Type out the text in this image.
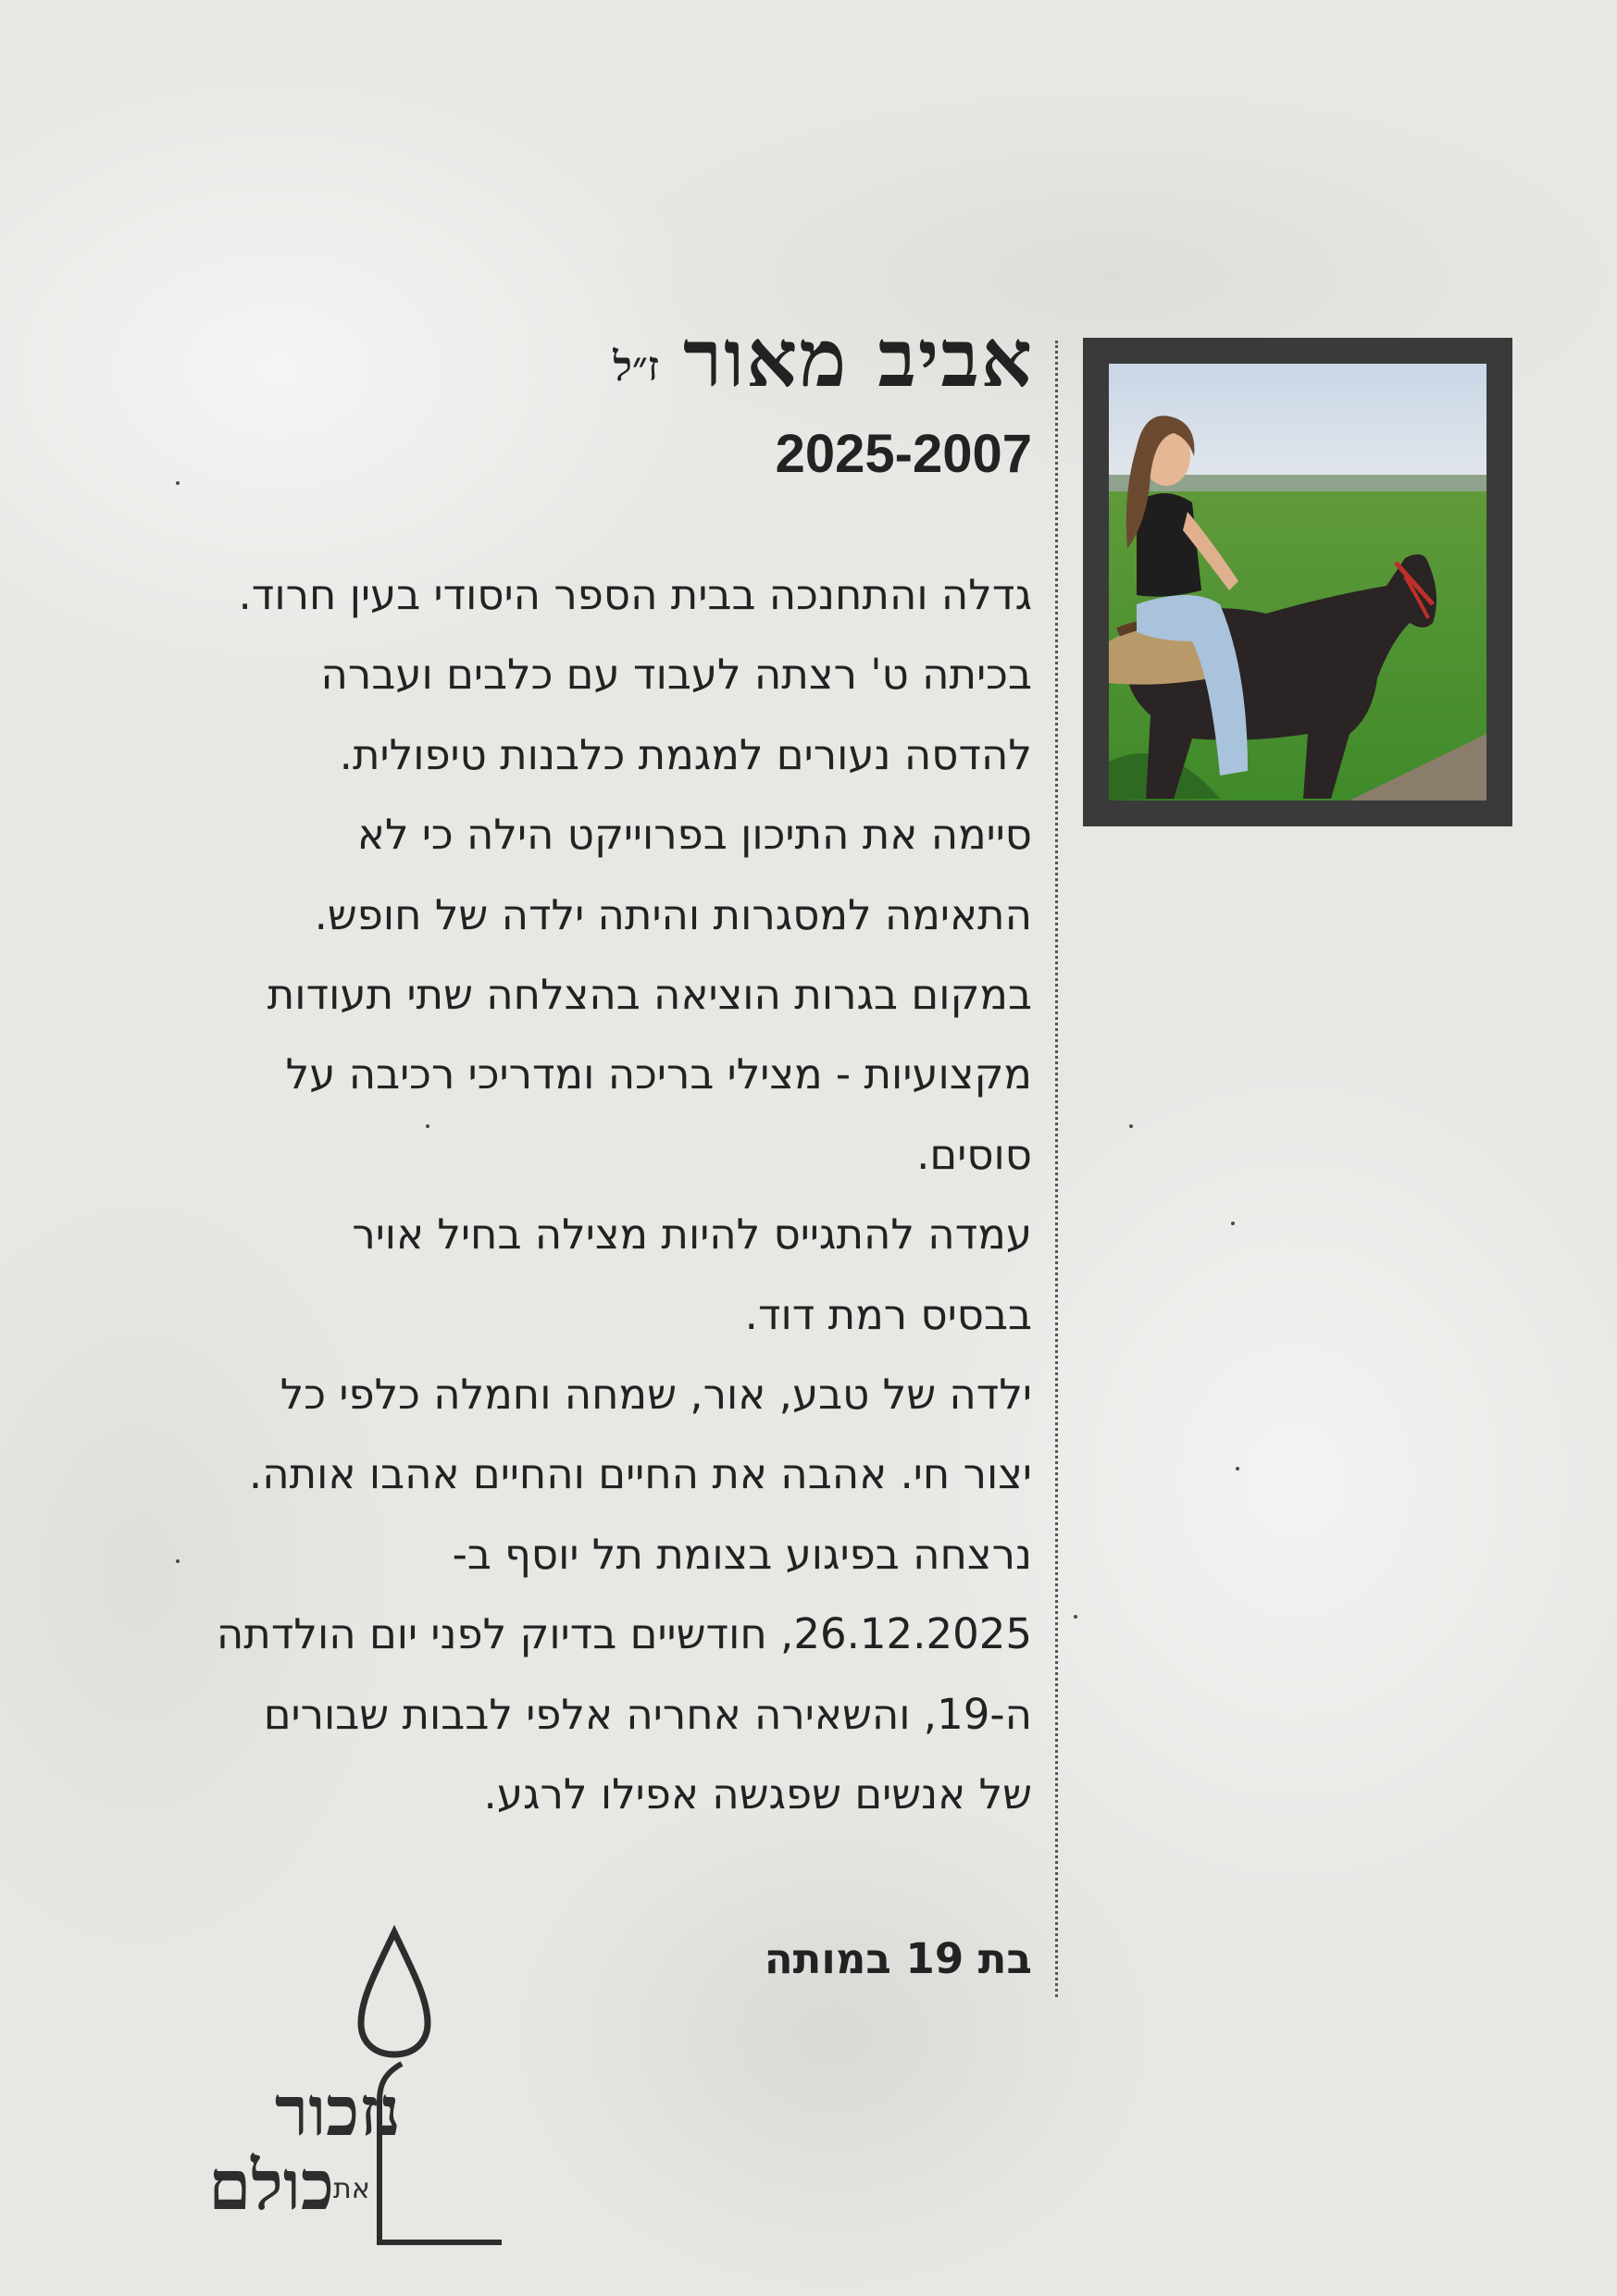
אביב מאור
ז״ל
2025-2007
גדלה והתחנכה בבית הספר היסודי בעין חרוד.
בכיתה ט' רצתה לעבוד עם כלבים ועברה
להדסה נעורים למגמת כלבנות טיפולית.
סיימה את התיכון בפרוייקט הילה כי לא
התאימה למסגרות והיתה ילדה של חופש.
במקום בגרות הוציאה בהצלחה שתי תעודות
מקצועיות - מצילי בריכה ומדריכי רכיבה על
סוסים.
עמדה להתגייס להיות מצילה בחיל אויר
בבסיס רמת דוד.
ילדה של טבע, אור, שמחה וחמלה כלפי כל
יצור חי. אהבה את החיים והחיים אהבו אותה.
נרצחה בפיגוע בצומת תל יוסף ב-
26.12.2025, חודשיים בדיוק לפני יום הולדתה
ה-19, והשאירה אחריה אלפי לבבות שבורים
של אנשים שפגשה אפילו לרגע.
בת 19 במותה
נזכור
את
כולם
